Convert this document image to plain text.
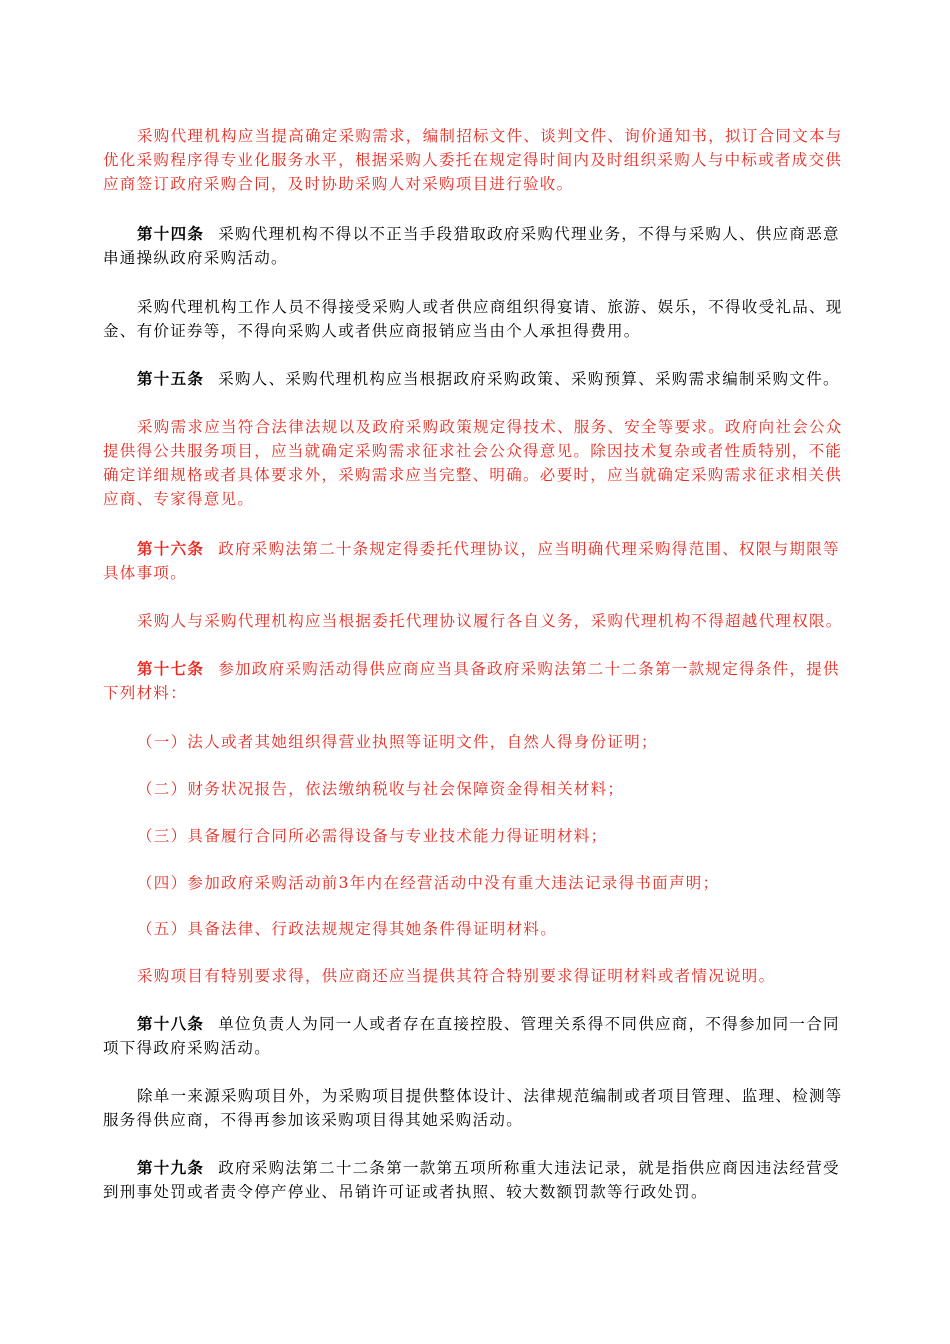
采购代理机构应当提高确定采购需求，编制招标文件、谈判文件、询价通知书，拟订合同文本与优化采购程序得专业化服务水平，根据采购人委托在规定得时间内及时组织采购人与中标或者成交供应商签订政府采购合同，及时协助采购人对采购项目进行验收。

第十四条 采购代理机构不得以不正当手段猎取政府采购代理业务，不得与采购人、供应商恶意串通操纵政府采购活动。

采购代理机构工作人员不得接受采购人或者供应商组织得宴请、旅游、娱乐，不得收受礼品、现金、有价证券等，不得向采购人或者供应商报销应当由个人承担得费用。

第十五条 采购人、采购代理机构应当根据政府采购政策、采购预算、采购需求编制采购文件。

采购需求应当符合法律法规以及政府采购政策规定得技术、服务、安全等要求。政府向社会公众提供得公共服务项目，应当就确定采购需求征求社会公众得意见。除因技术复杂或者性质特别，不能确定详细规格或者具体要求外，采购需求应当完整、明确。必要时，应当就确定采购需求征求相关供应商、专家得意见。

第十六条 政府采购法第二十条规定得委托代理协议，应当明确代理采购得范围、权限与期限等具体事项。

采购人与采购代理机构应当根据委托代理协议履行各自义务，采购代理机构不得超越代理权限。

第十七条 参加政府采购活动得供应商应当具备政府采购法第二十二条第一款规定得条件，提供下列材料：

（一）法人或者其她组织得营业执照等证明文件，自然人得身份证明；

（二）财务状况报告，依法缴纳税收与社会保障资金得相关材料；

（三）具备履行合同所必需得设备与专业技术能力得证明材料；

（四）参加政府采购活动前3年内在经营活动中没有重大违法记录得书面声明；

（五）具备法律、行政法规规定得其她条件得证明材料。

采购项目有特别要求得，供应商还应当提供其符合特别要求得证明材料或者情况说明。

第十八条 单位负责人为同一人或者存在直接控股、管理关系得不同供应商，不得参加同一合同项下得政府采购活动。

除单一来源采购项目外，为采购项目提供整体设计、法律规范编制或者项目管理、监理、检测等服务得供应商，不得再参加该采购项目得其她采购活动。

第十九条 政府采购法第二十二条第一款第五项所称重大违法记录，就是指供应商因违法经营受到刑事处罚或者责令停产停业、吊销许可证或者执照、较大数额罚款等行政处罚。
